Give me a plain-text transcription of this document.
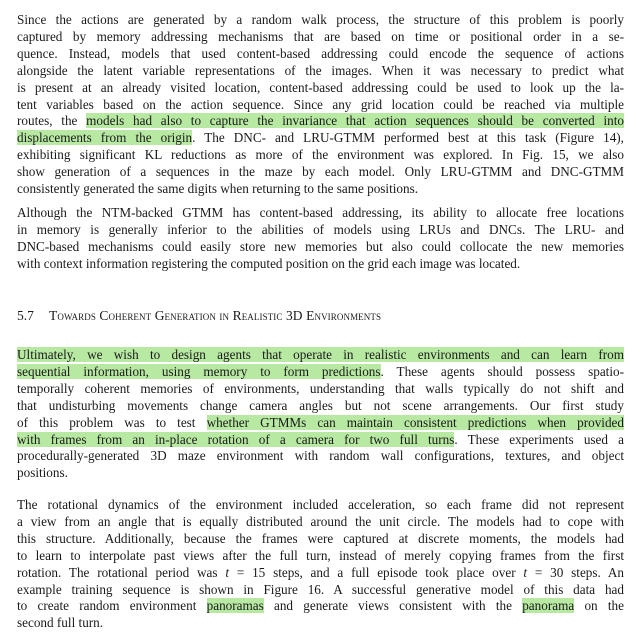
Since the actions are generated by a random walk process, the structure of this problem is poorly
captured by memory addressing mechanisms that are based on time or positional order in a se-
quence. Instead, models that used content-based addressing could encode the sequence of actions
alongside the latent variable representations of the images. When it was necessary to predict what
is present at an already visited location, content-based addressing could be used to look up the la-
tent variables based on the action sequence. Since any grid location could be reached via multiple
routes, the models had also to capture the invariance that action sequences should be converted into
displacements from the origin. The DNC- and LRU-GTMM performed best at this task (Figure 14),
exhibiting significant KL reductions as more of the environment was explored. In Fig. 15, we also
show generation of a sequences in the maze by each model. Only LRU-GTMM and DNC-GTMM
consistently generated the same digits when returning to the same positions.

Although the NTM-backed GTMM has content-based addressing, its ability to allocate free locations
in memory is generally inferior to the abilities of models using LRUs and DNCs. The LRU- and
DNC-based mechanisms could easily store new memories but also could collocate the new memories
with context information registering the computed position on the grid each image was located.

5.7 Towards Coherent Generation in Realistic 3D Environments

Ultimately, we wish to design agents that operate in realistic environments and can learn from
sequential information, using memory to form predictions. These agents should possess spatio-
temporally coherent memories of environments, understanding that walls typically do not shift and
that undisturbing movements change camera angles but not scene arrangements. Our first study
of this problem was to test whether GTMMs can maintain consistent predictions when provided
with frames from an in-place rotation of a camera for two full turns. These experiments used a
procedurally-generated 3D maze environment with random wall configurations, textures, and object
positions.

The rotational dynamics of the environment included acceleration, so each frame did not represent
a view from an angle that is equally distributed around the unit circle. The models had to cope with
this structure. Additionally, because the frames were captured at discrete moments, the models had
to learn to interpolate past views after the full turn, instead of merely copying frames from the first
rotation. The rotational period was t = 15 steps, and a full episode took place over t = 30 steps. An
example training sequence is shown in Figure 16. A successful generative model of this data had
to create random environment panoramas and generate views consistent with the panorama on the
second full turn.
